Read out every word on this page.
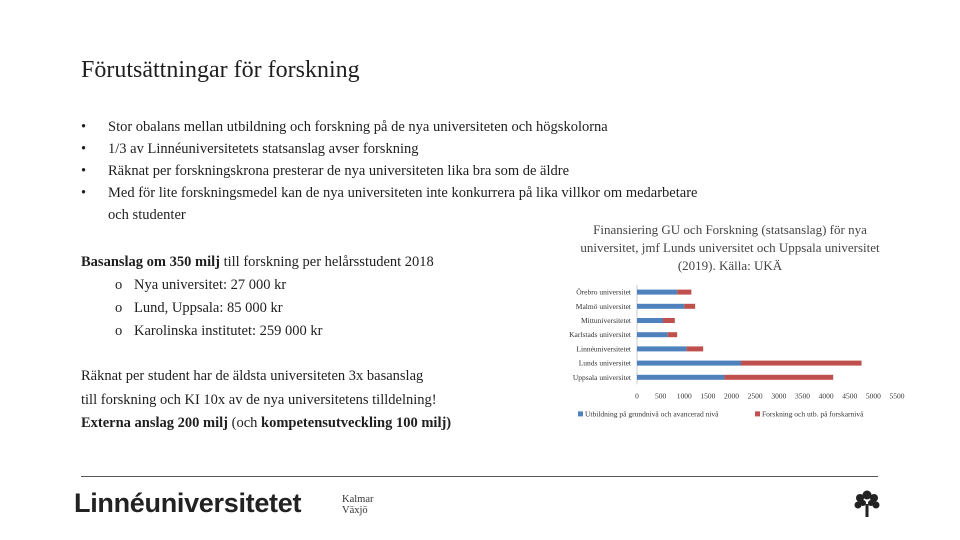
Förutsättningar för forskning
• Stor obalans mellan utbildning och forskning på de nya universiteten och högskolorna
• 1/3 av Linnéuniversitetets statsanslag avser forskning
• Räknat per forskningskrona presterar de nya universiteten lika bra som de äldre
• Med för lite forskningsmedel kan de nya universiteten inte konkurrera på lika villkor om medarbetare och studenter
Basanslag om 350 milj till forskning per helårsstudent 2018
o Nya universitet: 27 000 kr
o Lund, Uppsala: 85 000 kr
o Karolinska institutet: 259 000 kr
Räknat per student har de äldsta universiteten 3x basanslag
till forskning och KI 10x av de nya universitetens tilldelning!
Externa anslag 200 milj (och kompetensutveckling 100 milj)
Finansiering GU och Forskning (statsanslag) för nya universitet, jmf Lunds universitet och Uppsala universitet (2019). Källa: UKÄ
Örebro universitet
Malmö universitet
Mittuniversitetet
Karlstads universitet
Linnéuniversitetet
Lunds universitet
Uppsala universitet
0 500 1000 1500 2000 2500 3000 3500 4000 4500 5000 5500
Utbildning på grundnivå och avancerad nivå	Forskning och utb. på forskarnivå
Linnéuniversitetet	Kalmar
Växjö
